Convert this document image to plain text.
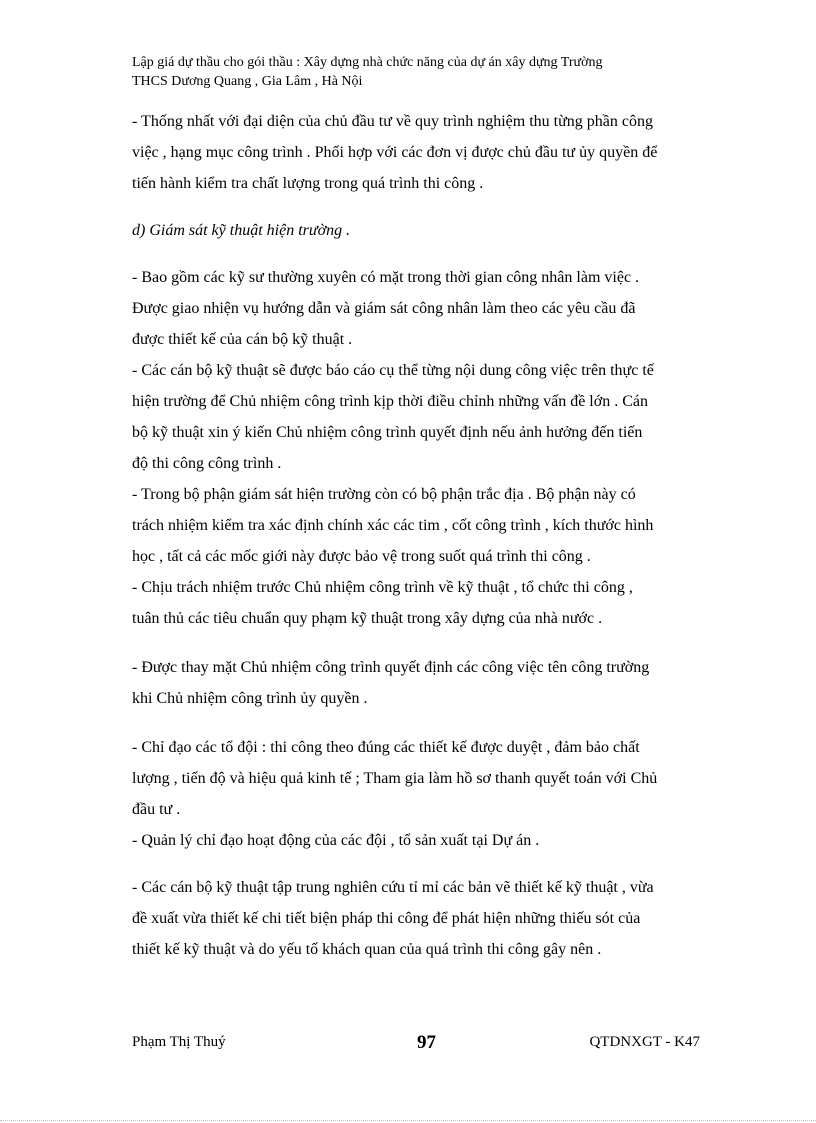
Lập giá dự thầu cho gói thầu : Xây dựng nhà chức năng của dự án xây dựng Trường
THCS Dương Quang , Gia Lâm , Hà Nội
- Thống nhất với đại diện của chủ đầu tư về quy trình nghiệm thu từng phần công
việc , hạng mục công trình . Phối hợp với các đơn vị được chủ đầu tư ủy quyền để
tiến hành kiểm tra chất lượng trong quá trình thi công .
d) Giám sát kỹ thuật hiện trường .
- Bao gồm các kỹ sư thường xuyên có mặt trong thời gian công nhân làm việc .
Được giao nhiện vụ hướng dẫn và giám sát công nhân làm theo các yêu cầu đã
được thiết kế của cán bộ kỹ thuật .
- Các cán bộ kỹ thuật sẽ được báo cáo cụ thể từng nội dung công việc trên thực tế
hiện trường để Chủ nhiệm công trình kịp thời điều chỉnh những vấn đề lớn . Cán
bộ kỹ thuật xin ý kiến Chủ nhiệm công trình quyết định nếu ảnh hưởng đến tiến
độ thi công công trình .
- Trong bộ phận giám sát hiện trường còn có bộ phận trắc địa . Bộ phận này có
trách nhiệm kiểm tra xác định chính xác các tim , cốt công trình , kích thước hình
học , tất cả các mốc giới này được bảo vệ trong suốt quá trình thi công .
- Chịu trách nhiệm trước Chủ nhiệm công trình về kỹ thuật , tổ chức thi công ,
tuân thủ các tiêu chuẩn quy phạm kỹ thuật trong xây dựng của nhà nước .
- Được thay mặt Chủ nhiệm công trình quyết định các công việc tên công trường
khi Chủ nhiệm công trình ủy quyền .
- Chỉ đạo các tổ đội : thi công theo đúng các thiết kế được duyệt , đảm bảo chất
lượng , tiến độ và hiệu quả kinh tế ; Tham gia làm hồ sơ thanh quyết toán với Chủ
đầu tư .
- Quản lý chỉ đạo hoạt động của các đội , tổ sản xuất tại Dự án .
- Các cán bộ kỹ thuật tập trung nghiên cứu tỉ mỉ các bản vẽ thiết kế kỹ thuật , vừa
đề xuất vừa thiết kế chi tiết biện pháp thi công để phát hiện những thiếu sót của
thiết kế kỹ thuật và do yếu tố khách quan của quá trình thi công gây nên .
Phạm Thị Thuý	97	QTDNXGT - K47
